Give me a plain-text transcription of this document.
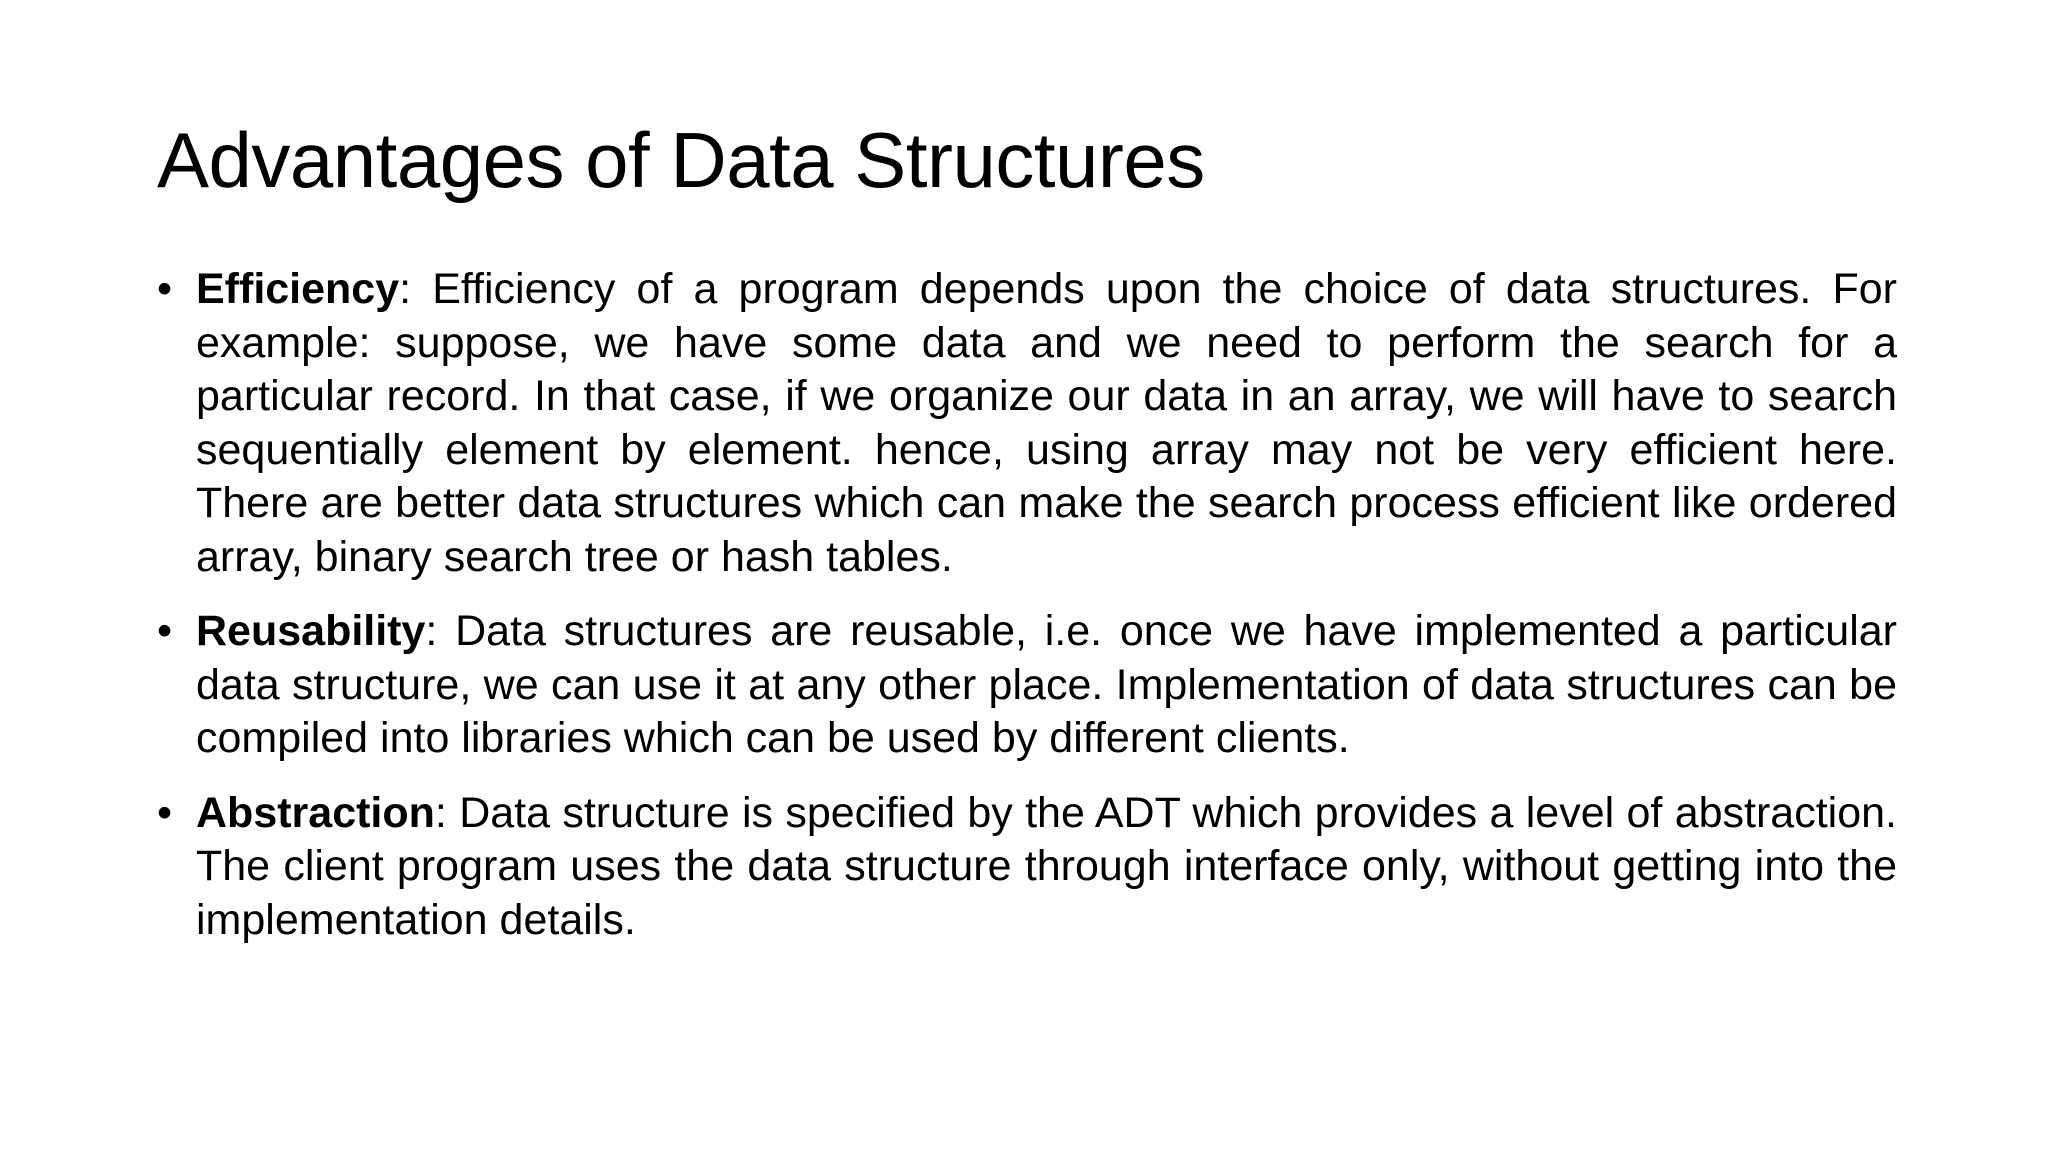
Advantages of Data Structures
• Efficiency: Efficiency of a program depends upon the choice of data structures. For example: suppose, we have some data and we need to perform the search for a particular record. In that case, if we organize our data in an array, we will have to search sequentially element by element. hence, using array may not be very efficient here. There are better data structures which can make the search process efficient like ordered array, binary search tree or hash tables.
• Reusability: Data structures are reusable, i.e. once we have implemented a particular data structure, we can use it at any other place. Implementation of data structures can be compiled into libraries which can be used by different clients.
• Abstraction: Data structure is specified by the ADT which provides a level of abstraction. The client program uses the data structure through interface only, without getting into the implementation details.
